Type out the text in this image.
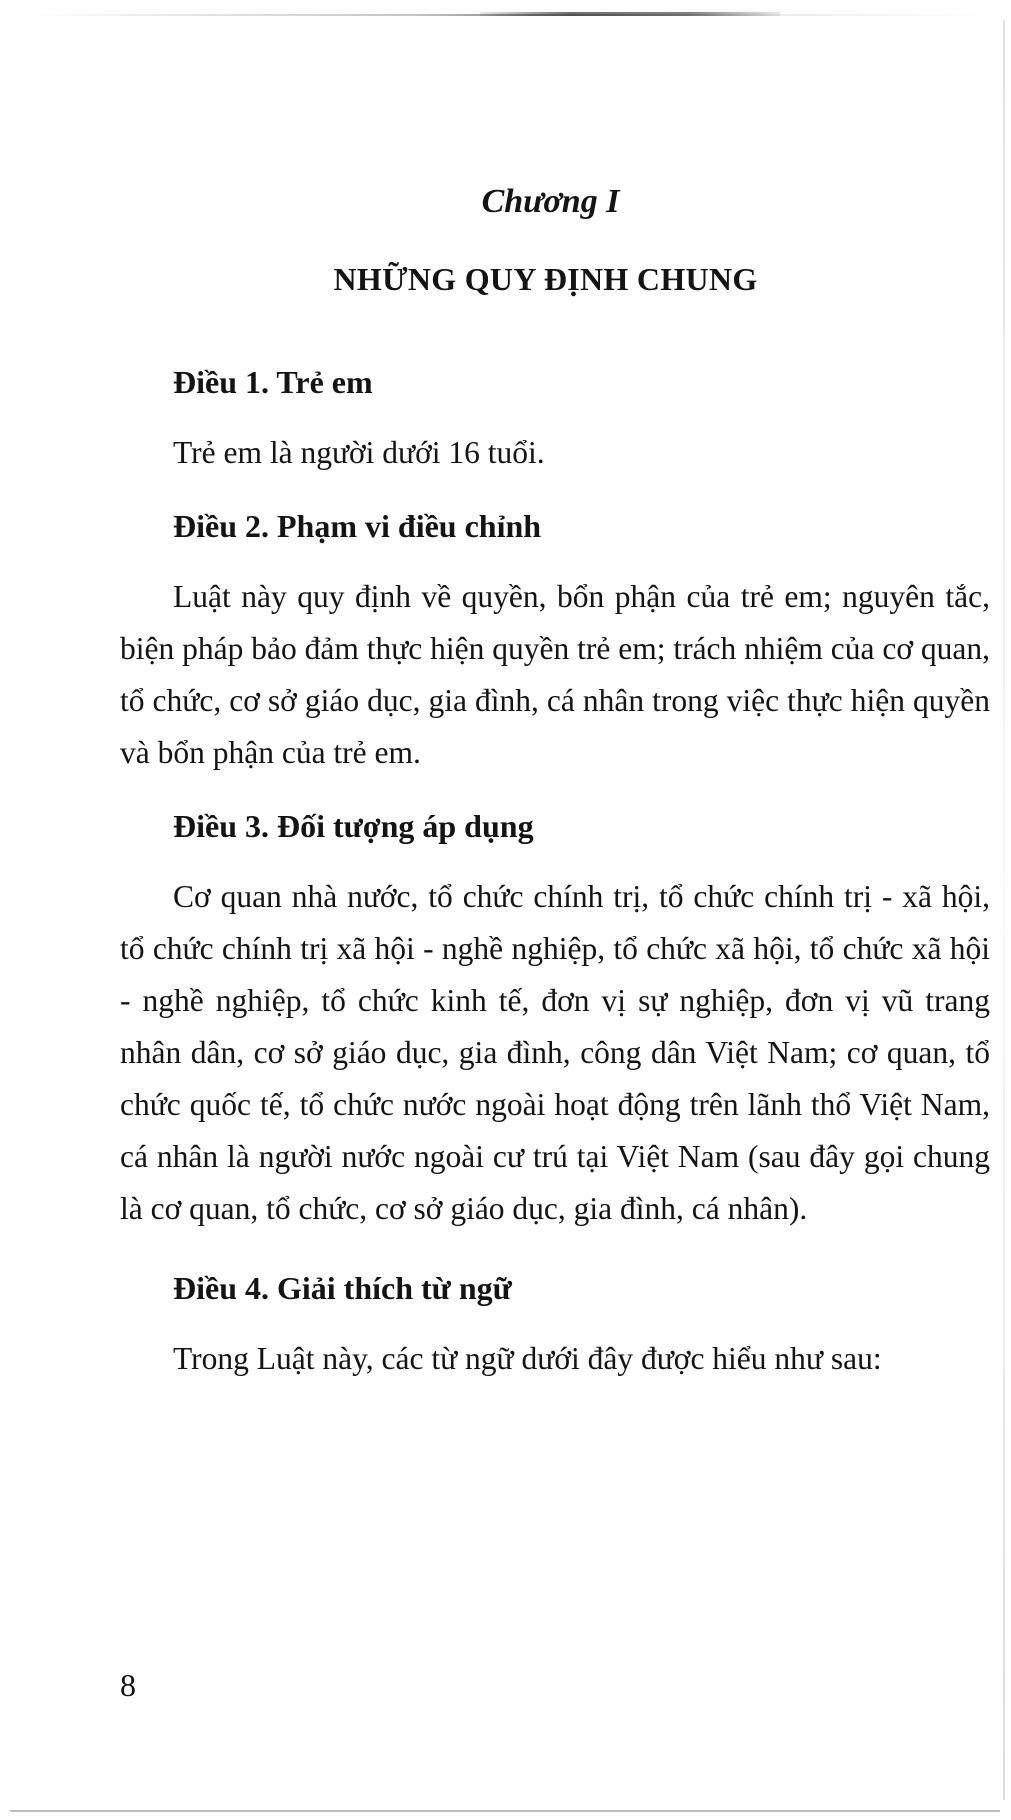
Chương I
NHỮNG QUY ĐỊNH CHUNG

Điều 1. Trẻ em

Trẻ em là người dưới 16 tuổi.

Điều 2. Phạm vi điều chỉnh

Luật này quy định về quyền, bổn phận của trẻ em; nguyên tắc, biện pháp bảo đảm thực hiện quyền trẻ em; trách nhiệm của cơ quan, tổ chức, cơ sở giáo dục, gia đình, cá nhân trong việc thực hiện quyền và bổn phận của trẻ em.

Điều 3. Đối tượng áp dụng

Cơ quan nhà nước, tổ chức chính trị, tổ chức chính trị - xã hội, tổ chức chính trị xã hội - nghề nghiệp, tổ chức xã hội, tổ chức xã hội - nghề nghiệp, tổ chức kinh tế, đơn vị sự nghiệp, đơn vị vũ trang nhân dân, cơ sở giáo dục, gia đình, công dân Việt Nam; cơ quan, tổ chức quốc tế, tổ chức nước ngoài hoạt động trên lãnh thổ Việt Nam, cá nhân là người nước ngoài cư trú tại Việt Nam (sau đây gọi chung là cơ quan, tổ chức, cơ sở giáo dục, gia đình, cá nhân).

Điều 4. Giải thích từ ngữ

Trong Luật này, các từ ngữ dưới đây được hiểu như sau:

8
